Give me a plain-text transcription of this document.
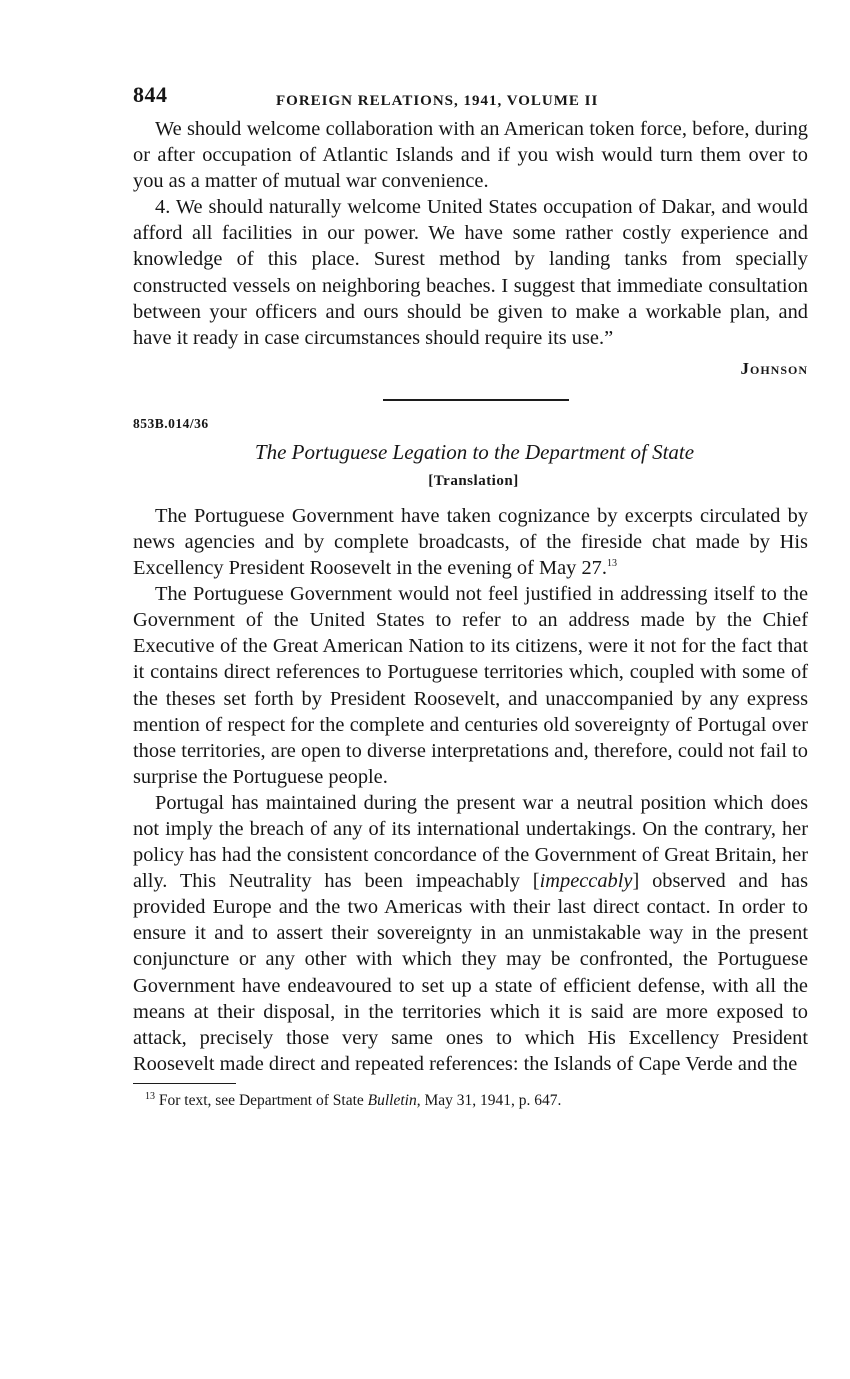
844	FOREIGN RELATIONS, 1941, VOLUME II

We should welcome collaboration with an American token force, before, during or after occupation of Atlantic Islands and if you wish would turn them over to you as a matter of mutual war convenience.

4. We should naturally welcome United States occupation of Dakar, and would afford all facilities in our power. We have some rather costly experience and knowledge of this place. Surest method by landing tanks from specially constructed vessels on neighboring beaches. I suggest that immediate consultation between your officers and ours should be given to make a workable plan, and have it ready in case circumstances should require its use.”

Johnson
853B.014/36
The Portuguese Legation to the Department of State
[Translation]

The Portuguese Government have taken cognizance by excerpts circulated by news agencies and by complete broadcasts, of the fireside chat made by His Excellency President Roosevelt in the evening of May 27.13

The Portuguese Government would not feel justified in addressing itself to the Government of the United States to refer to an address made by the Chief Executive of the Great American Nation to its citizens, were it not for the fact that it contains direct references to Portuguese territories which, coupled with some of the theses set forth by President Roosevelt, and unaccompanied by any express mention of respect for the complete and centuries old sovereignty of Portugal over those territories, are open to diverse interpretations and, therefore, could not fail to surprise the Portuguese people.

Portugal has maintained during the present war a neutral position which does not imply the breach of any of its international undertakings. On the contrary, her policy has had the consistent concordance of the Government of Great Britain, her ally. This Neutrality has been impeachably [impeccably] observed and has provided Europe and the two Americas with their last direct contact. In order to ensure it and to assert their sovereignty in an unmistakable way in the present conjuncture or any other with which they may be confronted, the Portuguese Government have endeavoured to set up a state of efficient defense, with all the means at their disposal, in the territories which it is said are more exposed to attack, precisely those very same ones to which His Excellency President Roosevelt made direct and repeated references: the Islands of Cape Verde and the

$^{13}$ For text, see Department of State Bulletin, May 31, 1941, p. 647.
